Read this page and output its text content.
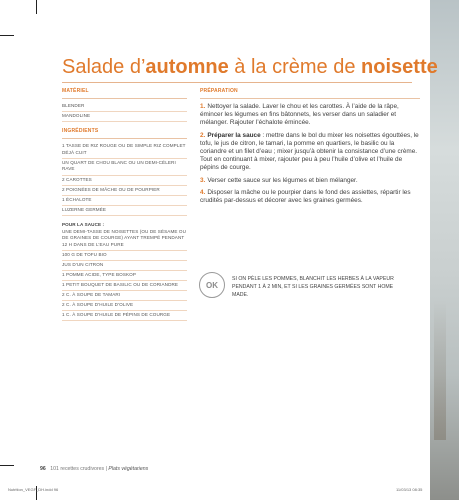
Salade d’automne à la crème de noisette
MATÉRIEL
BLENDER
MANDOLINE
INGRÉDIENTS
1 TASSE DE RIZ ROUGE OU DE SIMPLE RIZ COMPLET DÉJÀ CUIT
UN QUART DE CHOU BLANC OU UN DEMI-CÉLERI RAVE
2 CAROTTES
2 POIGNÉES DE MÂCHE OU DE POURPIER
1 ÉCHALOTE
LUZERNE GERMÉE
POUR LA SAUCE :
UNE DEMI-TASSE DE NOISETTES (OU DE SÉSAME OU DE GRAINES DE COURGE) AYANT TREMPÉ PENDANT 12 H DANS DE L’EAU PURE
100 G DE TOFU BIO
JUS D’UN CITRON
1 POMME ACIDE, TYPE BOSKOP
1 PETIT BOUQUET DE BASILIC OU DE CORIANDRE
2 C. À SOUPE DE TAMARI
2 C. À SOUPE D’HUILE D’OLIVE
1 C. À SOUPE D’HUILE DE PÉPINS DE COURGE
PRÉPARATION

1. Nettoyer la salade. Laver le chou et les carottes. À l’aide de la râpe, émincer les légumes en fins bâtonnets, les verser dans un saladier et mélanger. Rajouter l’échalote émincée.

2. Préparer la sauce : mettre dans le bol du mixer les noisettes égouttées, le tofu, le jus de citron, le tamari, la pomme en quartiers, le basilic ou la coriandre et un filet d’eau ; mixer jusqu’à obtenir la consistance d’une crème. Tout en continuant à mixer, rajouter peu à peu l’huile d’olive et l’huile de pépins de courge.

3. Verser cette sauce sur les légumes et bien mélanger.

4. Disposer la mâche ou le pourpier dans le fond des assiettes, répartir les crudités par-dessus et décorer avec les graines germées.

OK
SI ON PÈLE LES POMMES, BLANCHIT LES HERBES À LA VAPEUR PENDANT 1 À 2 MIN, ET SI LES GRAINES GERMÉES SONT HOME MADE.
96 101 recettes crudivores | Plats végétariens
Nutrition_VEGF_DH.indd 96	11/03/13 08:35
